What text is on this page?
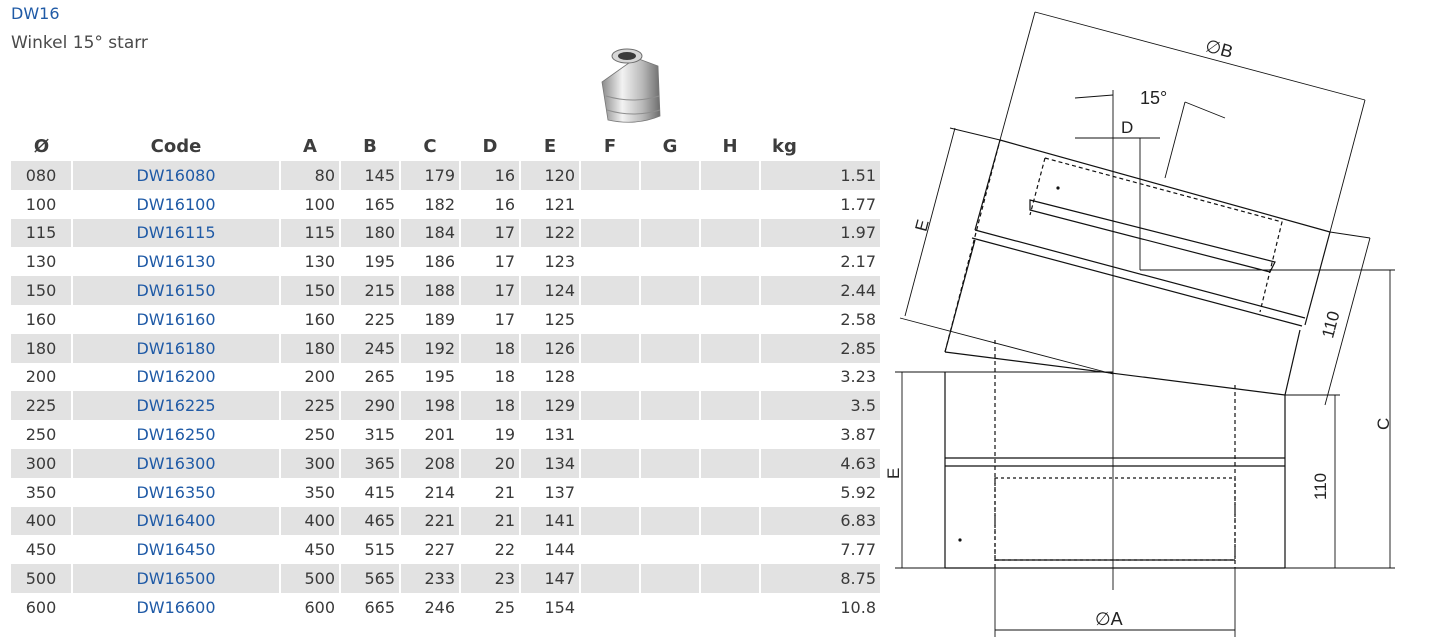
DW16
Winkel 15° starr
Ø	Code	A	B	C	D	E	F	G	H	kg
080	DW16080	80	145	179	16	120				1.51
100	DW16100	100	165	182	16	121				1.77
115	DW16115	115	180	184	17	122				1.97
130	DW16130	130	195	186	17	123				2.17
150	DW16150	150	215	188	17	124				2.44
160	DW16160	160	225	189	17	125				2.58
180	DW16180	180	245	192	18	126				2.85
200	DW16200	200	265	195	18	128				3.23
225	DW16225	225	290	198	18	129				3.5
250	DW16250	250	315	201	19	131				3.87
300	DW16300	300	365	208	20	134				4.63
350	DW16350	350	415	214	21	137				5.92
400	DW16400	400	465	221	21	141				6.83
450	DW16450	450	515	227	22	144				7.77
500	DW16500	500	565	233	23	147				8.75
600	DW16600	600	665	246	25	154				10.8
∅B
15°
D
E
110
C
E	110
∅A
